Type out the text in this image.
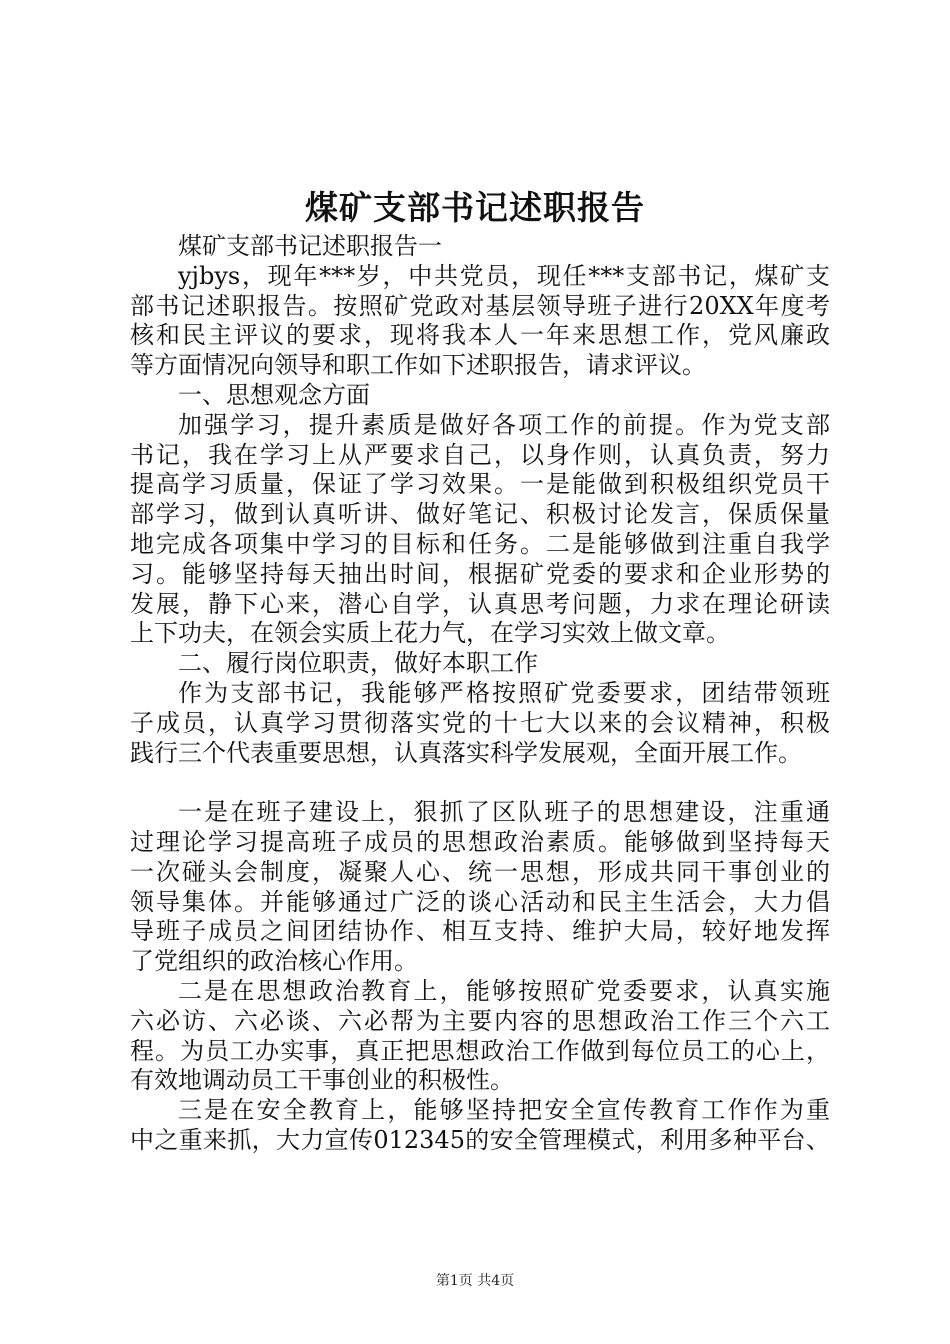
煤矿支部书记述职报告
煤矿支部书记述职报告一
yjbys，现年***岁，中共党员，现任***支部书记，煤矿支
部书记述职报告。按照矿党政对基层领导班子进行20XX年度考
核和民主评议的要求，现将我本人一年来思想工作，党风廉政
等方面情况向领导和职工作如下述职报告，请求评议。
一、思想观念方面
加强学习，提升素质是做好各项工作的前提。作为党支部
书记，我在学习上从严要求自己，以身作则，认真负责，努力
提高学习质量，保证了学习效果。一是能做到积极组织党员干
部学习，做到认真听讲、做好笔记、积极讨论发言，保质保量
地完成各项集中学习的目标和任务。二是能够做到注重自我学
习。能够坚持每天抽出时间，根据矿党委的要求和企业形势的
发展，静下心来，潜心自学，认真思考问题，力求在理论研读
上下功夫，在领会实质上花力气，在学习实效上做文章。
二、履行岗位职责，做好本职工作
作为支部书记，我能够严格按照矿党委要求，团结带领班
子成员，认真学习贯彻落实党的十七大以来的会议精神，积极
践行三个代表重要思想，认真落实科学发展观，全面开展工作。
一是在班子建设上，狠抓了区队班子的思想建设，注重通
过理论学习提高班子成员的思想政治素质。能够做到坚持每天
一次碰头会制度，凝聚人心、统一思想，形成共同干事创业的
领导集体。并能够通过广泛的谈心活动和民主生活会，大力倡
导班子成员之间团结协作、相互支持、维护大局，较好地发挥
了党组织的政治核心作用。
二是在思想政治教育上，能够按照矿党委要求，认真实施
六必访、六必谈、六必帮为主要内容的思想政治工作三个六工
程。为员工办实事，真正把思想政治工作做到每位员工的心上，
有效地调动员工干事创业的积极性。
三是在安全教育上，能够坚持把安全宣传教育工作作为重
中之重来抓，大力宣传012345的安全管理模式，利用多种平台、
第1页 共4页
